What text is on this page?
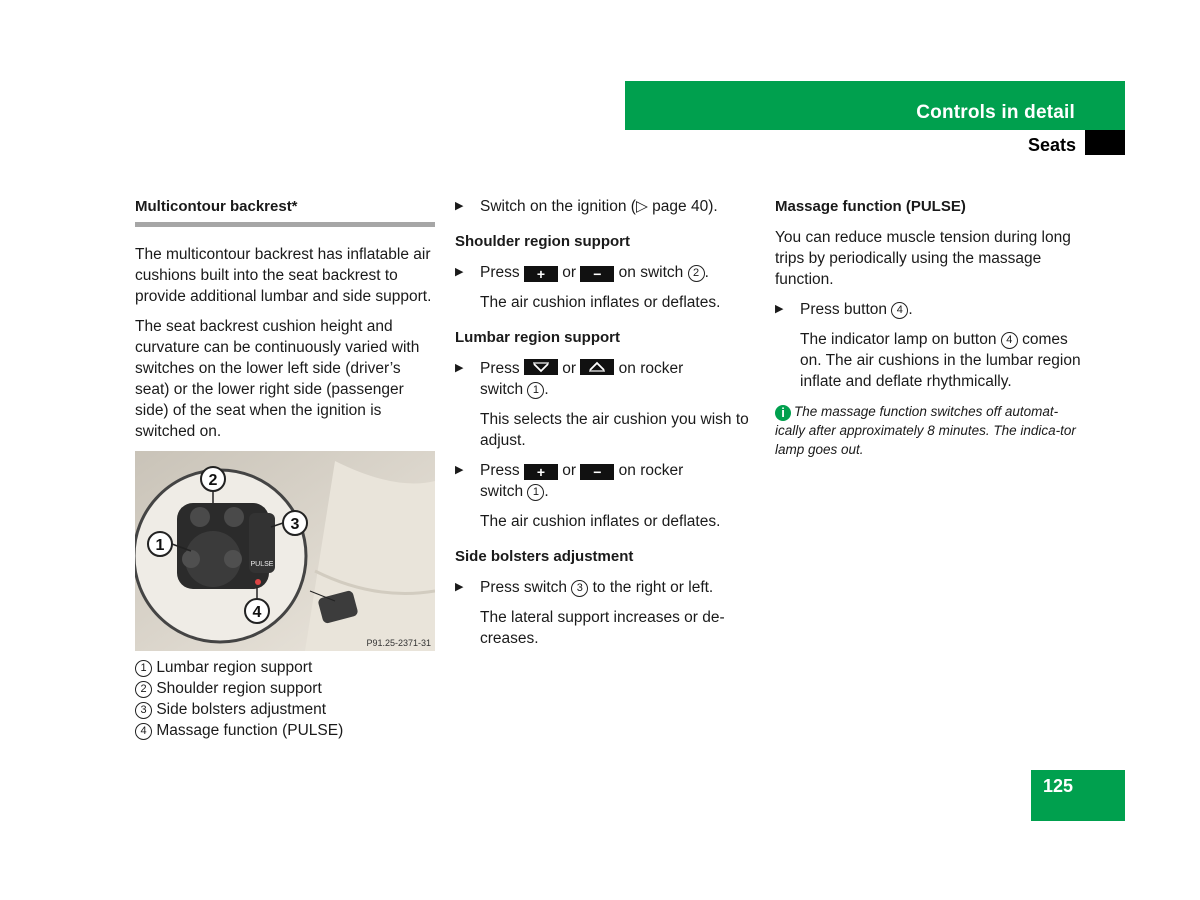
Controls in detail
Seats
Multicontour backrest*

The multicontour backrest has inflatable air cushions built into the seat backrest to provide additional lumbar and side support.

The seat backrest cushion height and curvature can be continuously varied with switches on the lower left side (driver’s seat) or the lower right side (passenger side) of the seat when the ignition is switched on.

PULSE
2
1
3
4
P91.25-2371-31
1 Lumbar region support
2 Shoulder region support
3 Side bolsters adjustment
4 Massage function (PULSE)
▶ Switch on the ignition (▷ page 40).
Shoulder region support
▶ Press + or − on switch 2 .
The air cushion inflates or deflates.
Lumbar region support
▶ Press	or	on rocker
switch 1 .
This selects the air cushion you wish to adjust.
▶ Press + or − on rocker
switch 1 .
The air cushion inflates or deflates.
Side bolsters adjustment
▶ Press switch 3 to the right or left.
The lateral support increases or de-creases.
Massage function (PULSE)

You can reduce muscle tension during long trips by periodically using the massage function.

▶ Press button 4 .
The indicator lamp on button 4 comes on. The air cushions in the lumbar region inflate and deflate rhythmically.
i The massage function switches off automat-ically after approximately 8 minutes. The indica-tor lamp goes out.
125
